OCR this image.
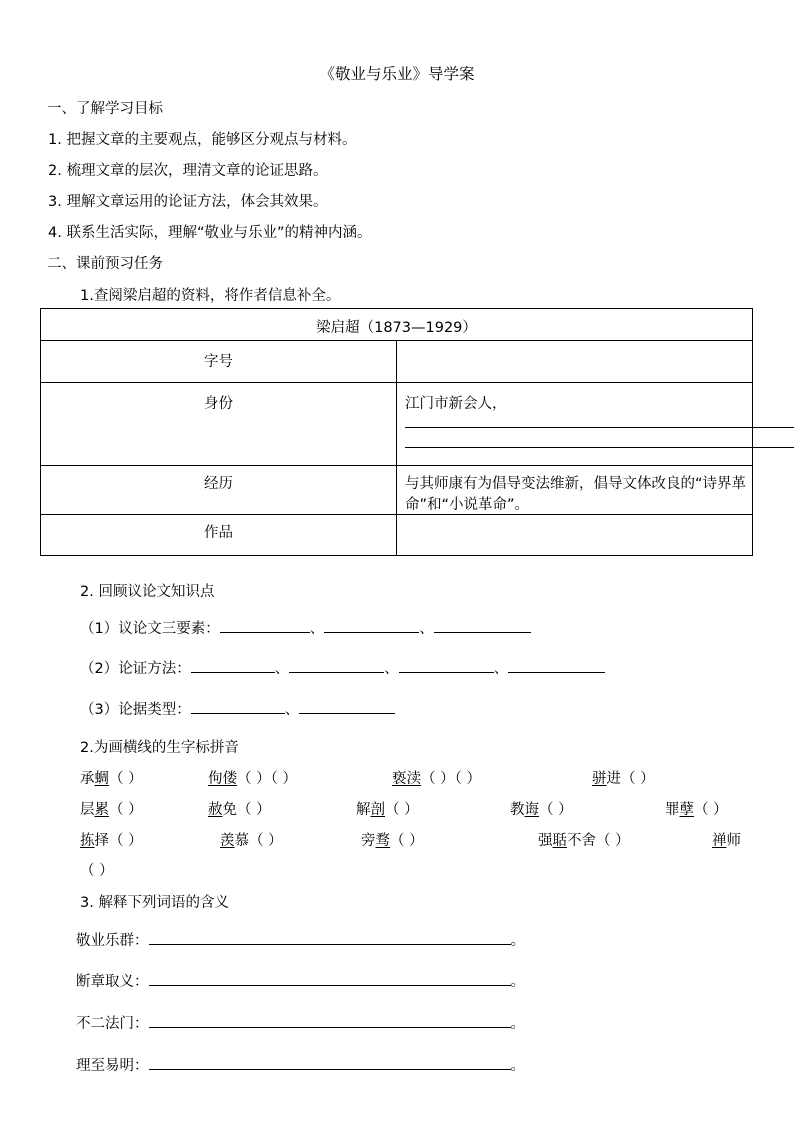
《敬业与乐业》导学案
一、了解学习目标
1. 把握文章的主要观点，能够区分观点与材料。
2. 梳理文章的层次，理清文章的论证思路。
3. 理解文章运用的论证方法，体会其效果。
4. 联系生活实际，理解“敬业与乐业”的精神内涵。
二、课前预习任务
1.查阅梁启超的资料，将作者信息补全。
梁启超（1873—1929）	
字号	
身份	江门市新会人，

经历	与其师康有为倡导变法维新，倡导文体改良的“诗界革命”和“小说革命”。
作品	
2. 回顾议论文知识点
（1）议论文三要素：	、	、
（2）论证方法：	、	、	、
（3）论据类型：	、
2.为画横线的生字标拼音
承蜩（ ）	佝偻（ ）（ ）	亵渎（ ）（ ）	骈进（ ）
层累（ ）	赦免（ ）	解剖（ ）	教诲（ ）	罪孽（ ）
拣择（ ）	羡慕（ ）	旁骛（ ）	强聒不舍（ ）	禅师
（ ）
3. 解释下列词语的含义
敬业乐群：	。
断章取义：	。
不二法门：	。
理至易明：	。
